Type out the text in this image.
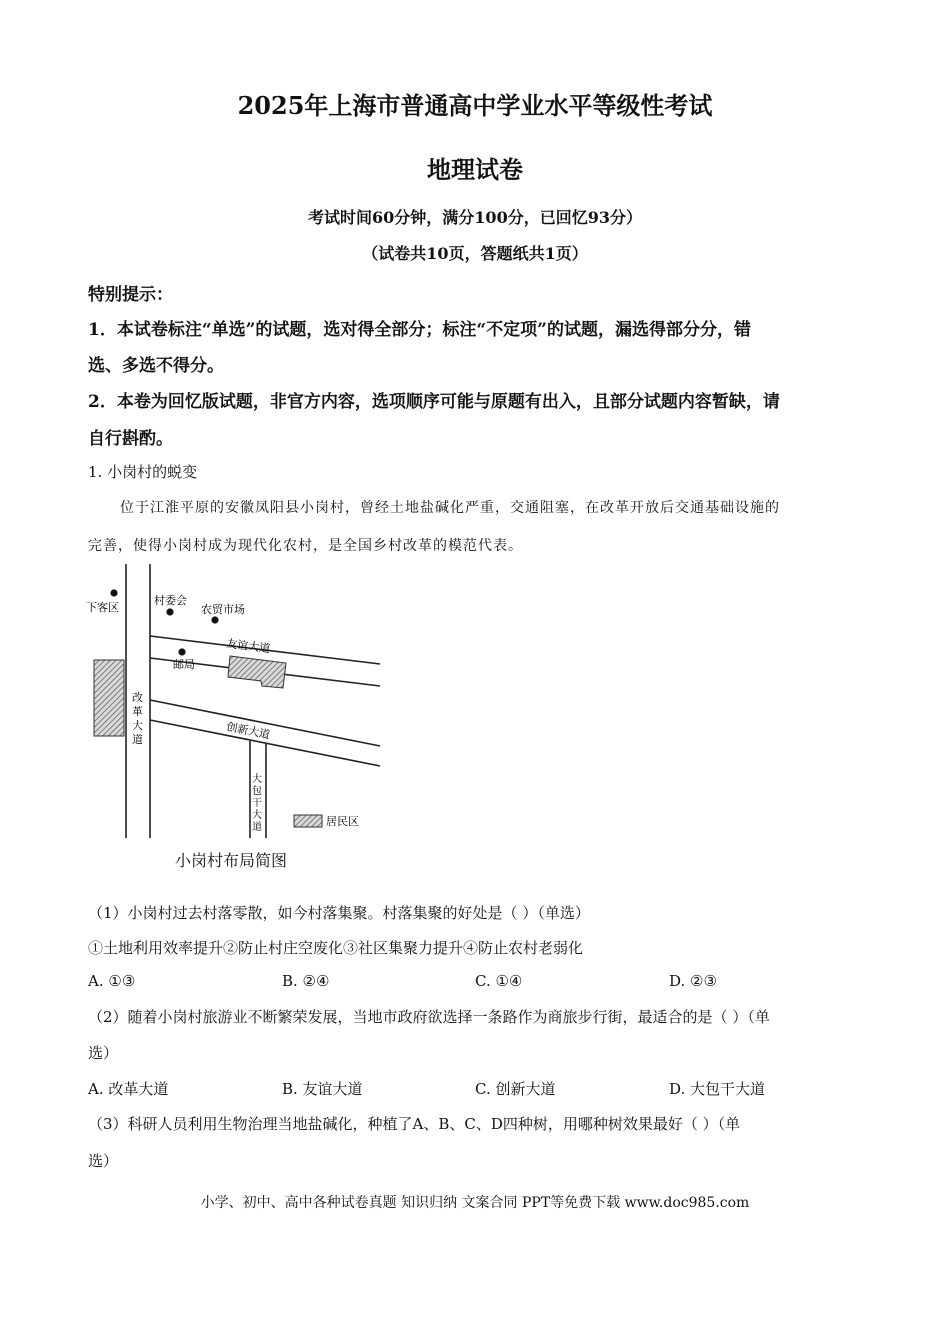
2025年上海市普通高中学业水平等级性考试
地理试卷
考试时间60分钟，满分100分，已回忆93分）
（试卷共10页，答题纸共1页）
特别提示：
1．本试卷标注“单选”的试题，选对得全部分；标注“不定项”的试题，漏选得部分分，错
选、多选不得分。
2．本卷为回忆版试题，非官方内容，选项顺序可能与原题有出入，且部分试题内容暂缺，请
自行斟酌。
1. 小岗村的蜕变
位于江淮平原的安徽凤阳县小岗村，曾经土地盐碱化严重，交通阻塞，在改革开放后交通基础设施的
完善，使得小岗村成为现代化农村，是全国乡村改革的模范代表。
下客区
村委会
农贸市场
邮局
友谊大道
创新大道
改
革
大
道
大
包
干
大
道	居民区
小岗村布局简图
（1）小岗村过去村落零散，如今村落集聚。村落集聚的好处是（ ）（单选）
①土地利用效率提升②防止村庄空废化③社区集聚力提升④防止农村老弱化
A. ①③	B. ②④	C. ①④	D. ②③
（2）随着小岗村旅游业不断繁荣发展，当地市政府欲选择一条路作为商旅步行街，最适合的是（ ）（单
选）
A. 改革大道	B. 友谊大道	C. 创新大道	D. 大包干大道
（3）科研人员利用生物治理当地盐碱化，种植了A、B、C、D四种树，用哪种树效果最好（ ）（单
选）
小学、初中、高中各种试卷真题 知识归纳 文案合同 PPT等免费下载 www.doc985.com
